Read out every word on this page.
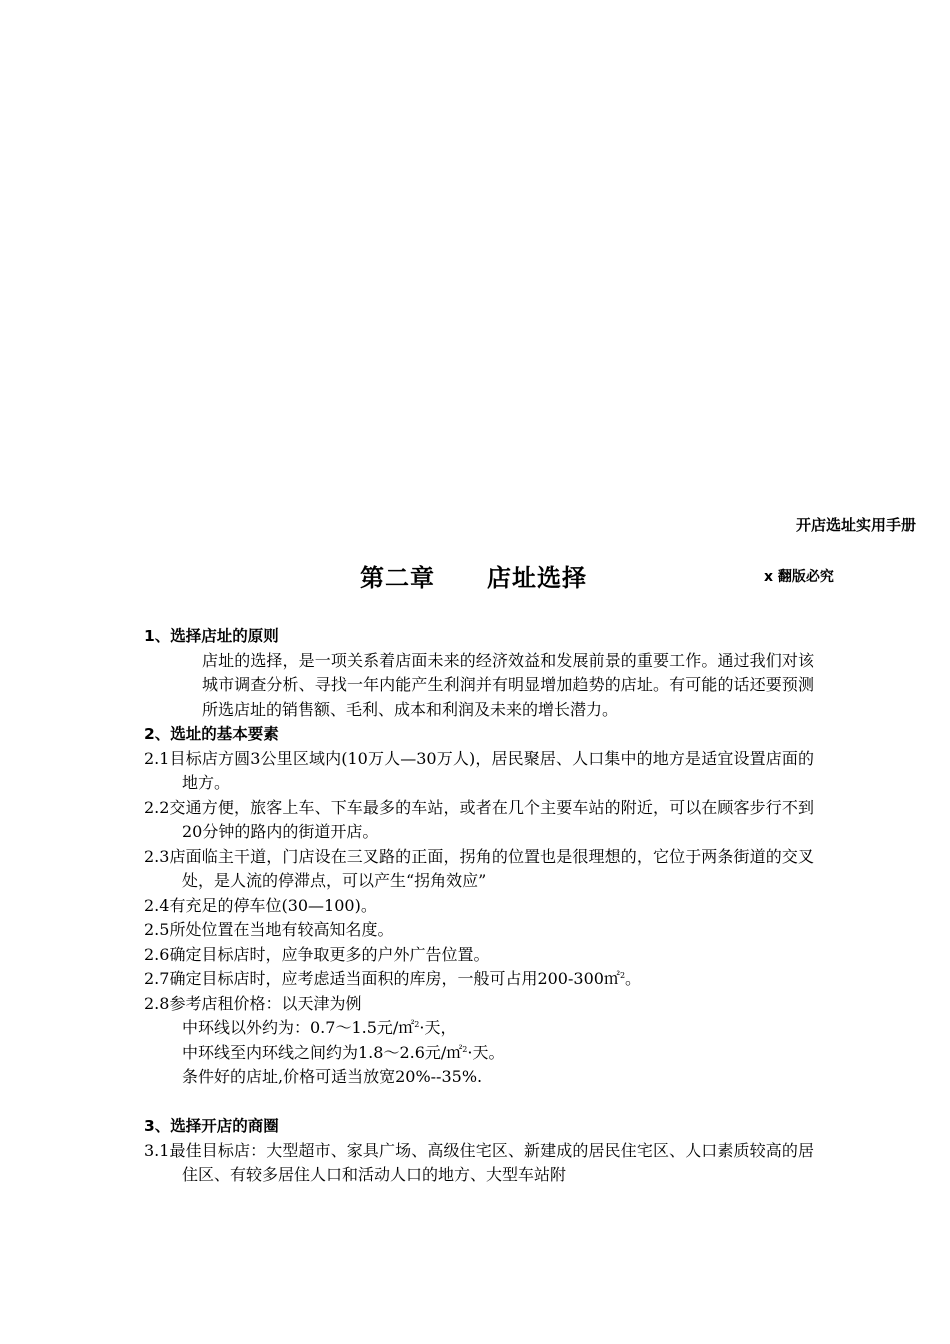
开店选址实用手册
第二章 店址选择	x 翻版必究
1、选择店址的原则
店址的选择，是一项关系着店面未来的经济效益和发展前景的重要工作。通过我们对该城市调查分析、寻找一年内能产生利润并有明显增加趋势的店址。有可能的话还要预测所选店址的销售额、毛利、成本和利润及未来的增长潜力。
2、选址的基本要素
2.1目标店方圆3公里区域内(10万人—30万人)，居民聚居、人口集中的地方是适宜设置店面的地方。
2.2交通方便，旅客上车、下车最多的车站，或者在几个主要车站的附近，可以在顾客步行不到20分钟的路内的街道开店。
2.3店面临主干道，门店设在三叉路的正面，拐角的位置也是很理想的，它位于两条街道的交叉处，是人流的停滞点，可以产生“拐角效应”
2.4有充足的停车位(30—100)。
2.5所处位置在当地有较高知名度。
2.6确定目标店时，应争取更多的户外广告位置。
2.7确定目标店时，应考虑适当面积的库房，一般可占用200-300㎡$^2$。
2.8参考店租价格：以天津为例
中环线以外约为：0.7～1.5元/㎡$^2$·天，
中环线至内环线之间约为1.8～2.6元/㎡$^2$·天。
条件好的店址,价格可适当放宽20%--35%.
3、选择开店的商圈
3.1最佳目标店：大型超市、家具广场、高级住宅区、新建成的居民住宅区、人口素质较高的居住区、有较多居住人口和活动人口的地方、大型车站附
